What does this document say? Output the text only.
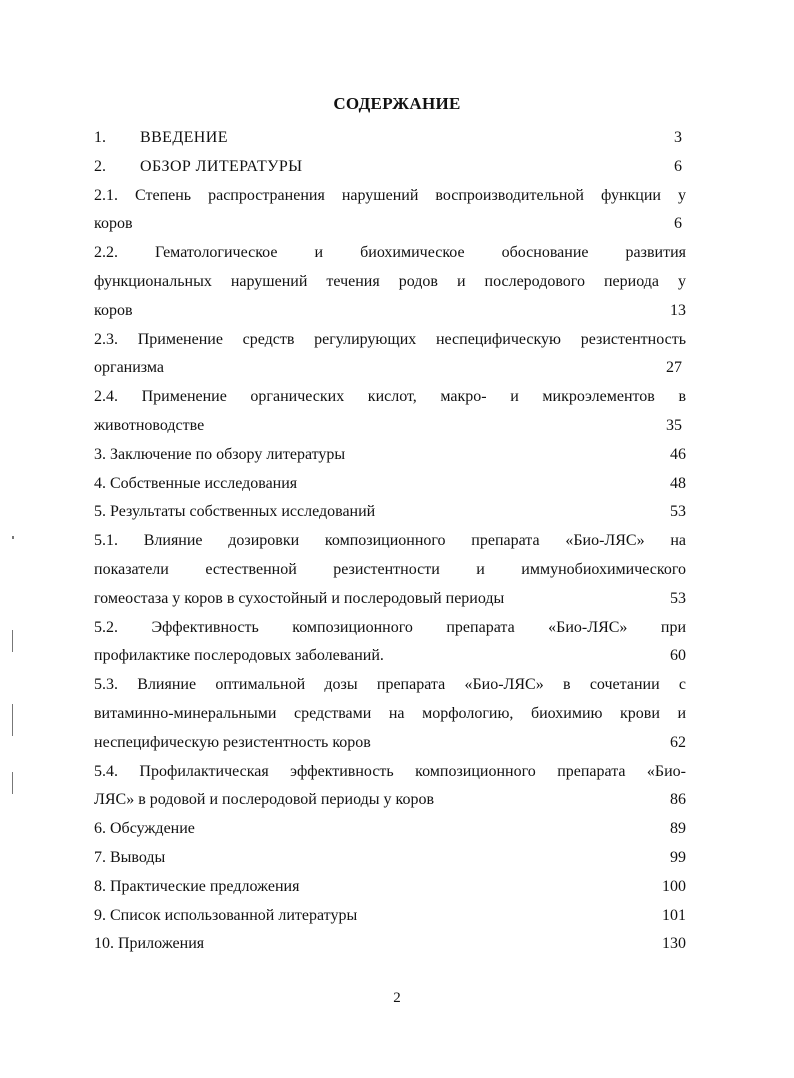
СОДЕРЖАНИЕ
1. ВВЕДЕНИЕ	3
2. ОБЗОР ЛИТЕРАТУРЫ	6
2.1. Степень распространения нарушений воспроизводительной функции у
коров	6
2.2. Гематологическое и биохимическое обоснование развития
функциональных нарушений течения родов и послеродового периода у
коров	13
2.3. Применение средств регулирующих неспецифическую резистентность
организма	27
2.4. Применение органических кислот, макро- и микроэлементов в
животноводстве	35
3. Заключение по обзору литературы	46
4. Собственные исследования	48
5. Результаты собственных исследований	53
5.1. Влияние дозировки композиционного препарата «Био-ЛЯС» на
показатели естественной резистентности и иммунобиохимического
гомеостаза у коров в сухостойный и послеродовый периоды	53
5.2. Эффективность композиционного препарата «Био-ЛЯС» при
профилактике послеродовых заболеваний.	60
5.3. Влияние оптимальной дозы препарата «Био-ЛЯС» в сочетании с
витаминно-минеральными средствами на морфологию, биохимию крови и
неспецифическую резистентность коров	62
5.4. Профилактическая эффективность композиционного препарата «Био-
ЛЯС» в родовой и послеродовой периоды у коров	86
6. Обсуждение	89
7. Выводы	99
8. Практические предложения	100
9. Список использованной литературы	101
10. Приложения	130
2
